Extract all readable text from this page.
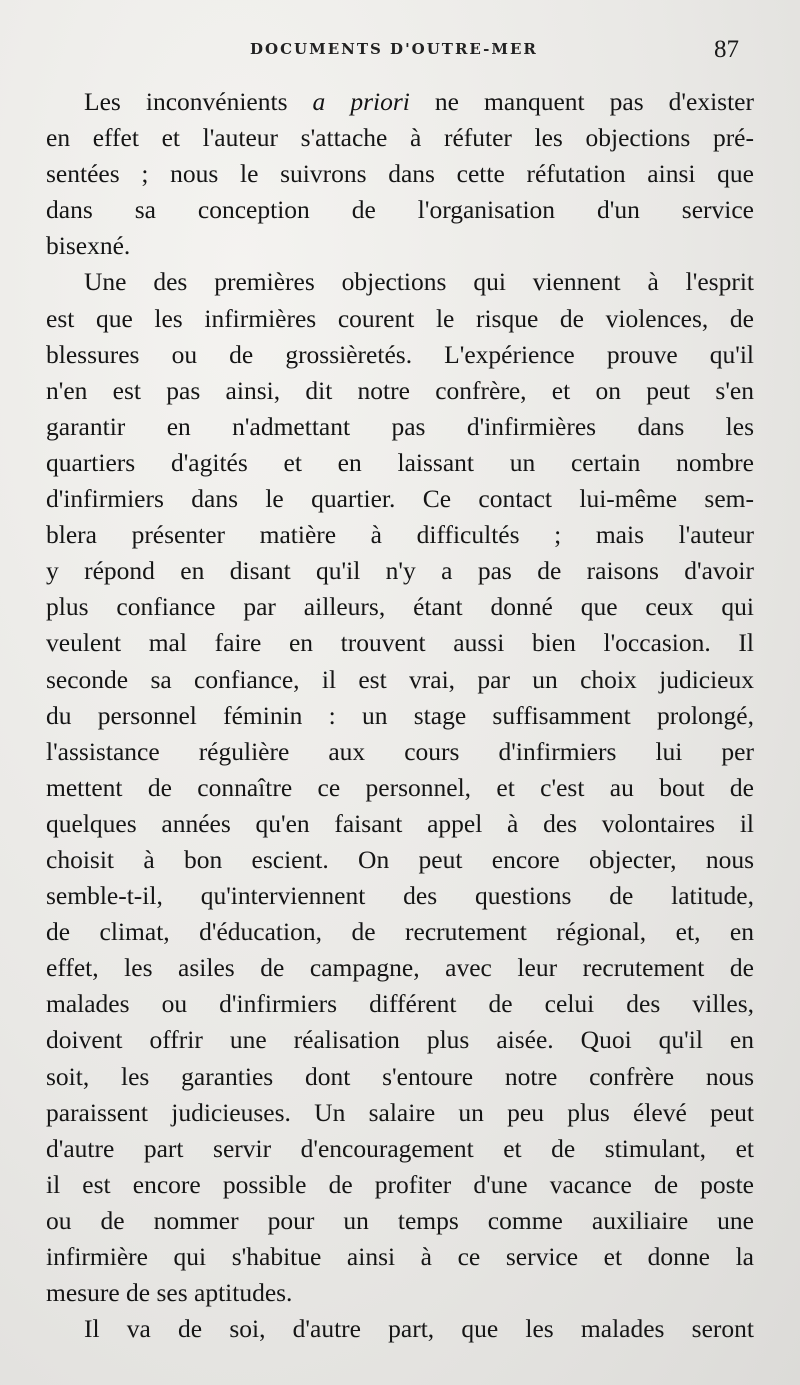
DOCUMENTS D'OUTRE-MER	87
Les inconvénients a priori ne manquent pas d'exister
en effet et l'auteur s'attache à réfuter les objections pré-
sentées ; nous le suivrons dans cette réfutation ainsi que
dans sa conception de l'organisation d'un service
bisexné.
Une des premières objections qui viennent à l'esprit
est que les infirmières courent le risque de violences, de
blessures ou de grossièretés. L'expérience prouve qu'il
n'en est pas ainsi, dit notre confrère, et on peut s'en
garantir en n'admettant pas d'infirmières dans les
quartiers d'agités et en laissant un certain nombre
d'infirmiers dans le quartier. Ce contact lui-même sem-
blera présenter matière à difficultés ; mais l'auteur
y répond en disant qu'il n'y a pas de raisons d'avoir
plus confiance par ailleurs, étant donné que ceux qui
veulent mal faire en trouvent aussi bien l'occasion. Il
seconde sa confiance, il est vrai, par un choix judicieux
du personnel féminin : un stage suffisamment prolongé,
l'assistance régulière aux cours d'infirmiers lui per
mettent de connaître ce personnel, et c'est au bout de
quelques années qu'en faisant appel à des volontaires il
choisit à bon escient. On peut encore objecter, nous
semble-t-il, qu'interviennent des questions de latitude,
de climat, d'éducation, de recrutement régional, et, en
effet, les asiles de campagne, avec leur recrutement de
malades ou d'infirmiers différent de celui des villes,
doivent offrir une réalisation plus aisée. Quoi qu'il en
soit, les garanties dont s'entoure notre confrère nous
paraissent judicieuses. Un salaire un peu plus élevé peut
d'autre part servir d'encouragement et de stimulant, et
il est encore possible de profiter d'une vacance de poste
ou de nommer pour un temps comme auxiliaire une
infirmière qui s'habitue ainsi à ce service et donne la
mesure de ses aptitudes.
Il va de soi, d'autre part, que les malades seront
